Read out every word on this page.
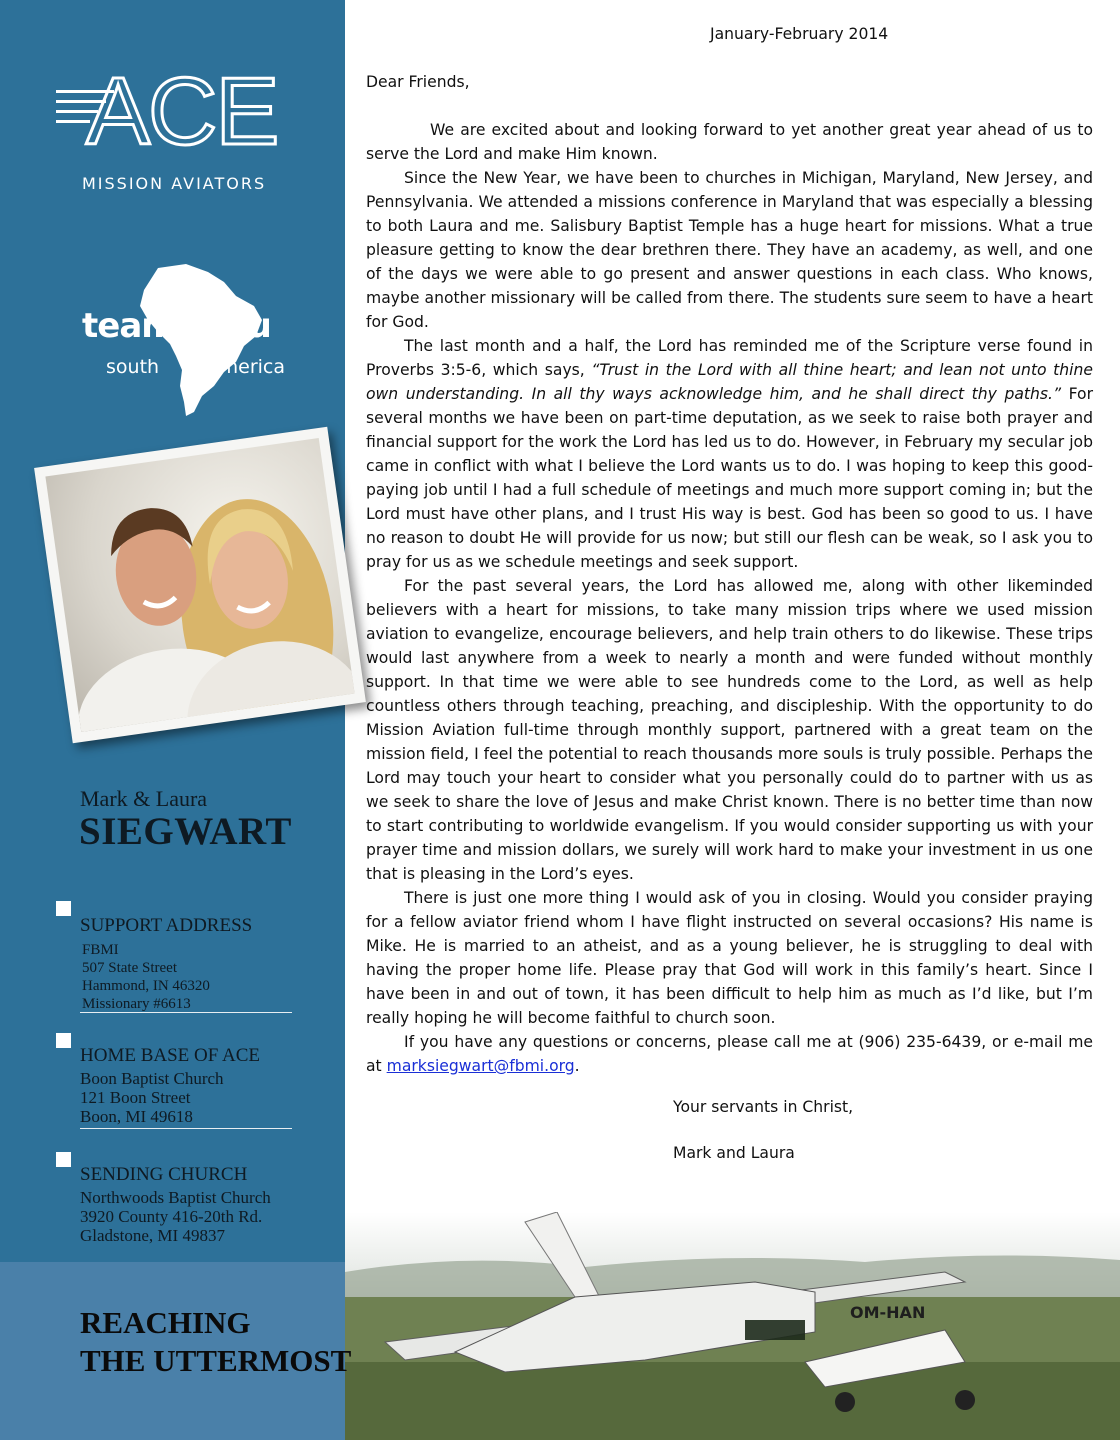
ACE
MISSION AVIATORS
team peru
south	america
Mark & Laura
SIEGWART
SUPPORT ADDRESS
FBMI
507 State Street
Hammond, IN 46320
Missionary #6613
HOME BASE OF ACE
Boon Baptist Church
121 Boon Street
Boon, MI 49618
SENDING CHURCH
Northwoods Baptist Church
3920 County 416-20th Rd.
Gladstone, MI 49837
REACHING
THE UTTERMOST
OM-HAN
January-February 2014
Dear Friends,

We are excited about and looking forward to yet another great year ahead of us to serve the Lord and make Him known.

Since the New Year, we have been to churches in Michigan, Maryland, New Jersey, and Pennsylvania. We attended a missions conference in Maryland that was especially a blessing to both Laura and me. Salisbury Baptist Temple has a huge heart for missions. What a true pleasure getting to know the dear brethren there. They have an academy, as well, and one of the days we were able to go present and answer questions in each class. Who knows, maybe another missionary will be called from there. The students sure seem to have a heart for God.

The last month and a half, the Lord has reminded me of the Scripture verse found in Proverbs 3:5-6, which says, “Trust in the Lord with all thine heart; and lean not unto thine own understanding. In all thy ways acknowledge him, and he shall direct thy paths.” For several months we have been on part-time deputation, as we seek to raise both prayer and financial support for the work the Lord has led us to do. However, in February my secular job came in conflict with what I believe the Lord wants us to do. I was hoping to keep this good-paying job until I had a full schedule of meetings and much more support coming in; but the Lord must have other plans, and I trust His way is best. God has been so good to us. I have no reason to doubt He will provide for us now; but still our flesh can be weak, so I ask you to pray for us as we schedule meetings and seek support.

For the past several years, the Lord has allowed me, along with other likeminded believers with a heart for missions, to take many mission trips where we used mission aviation to evangelize, encourage believers, and help train others to do likewise. These trips would last anywhere from a week to nearly a month and were funded without monthly support. In that time we were able to see hundreds come to the Lord, as well as help countless others through teaching, preaching, and discipleship. With the opportunity to do Mission Aviation full-time through monthly support, partnered with a great team on the mission field, I feel the potential to reach thousands more souls is truly possible. Perhaps the Lord may touch your heart to consider what you personally could do to partner with us as we seek to share the love of Jesus and make Christ known. There is no better time than now to start contributing to worldwide evangelism. If you would consider supporting us with your prayer time and mission dollars, we surely will work hard to make your investment in us one that is pleasing in the Lord’s eyes.

There is just one more thing I would ask of you in closing. Would you consider praying for a fellow aviator friend whom I have flight instructed on several occasions? His name is Mike. He is married to an atheist, and as a young believer, he is struggling to deal with having the proper home life. Please pray that God will work in this family’s heart. Since I have been in and out of town, it has been difficult to help him as much as I’d like, but I’m really hoping he will become faithful to church soon.

If you have any questions or concerns, please call me at (906) 235-6439, or e-mail me at marksiegwart@fbmi.org.

Your servants in Christ,
Mark and Laura
